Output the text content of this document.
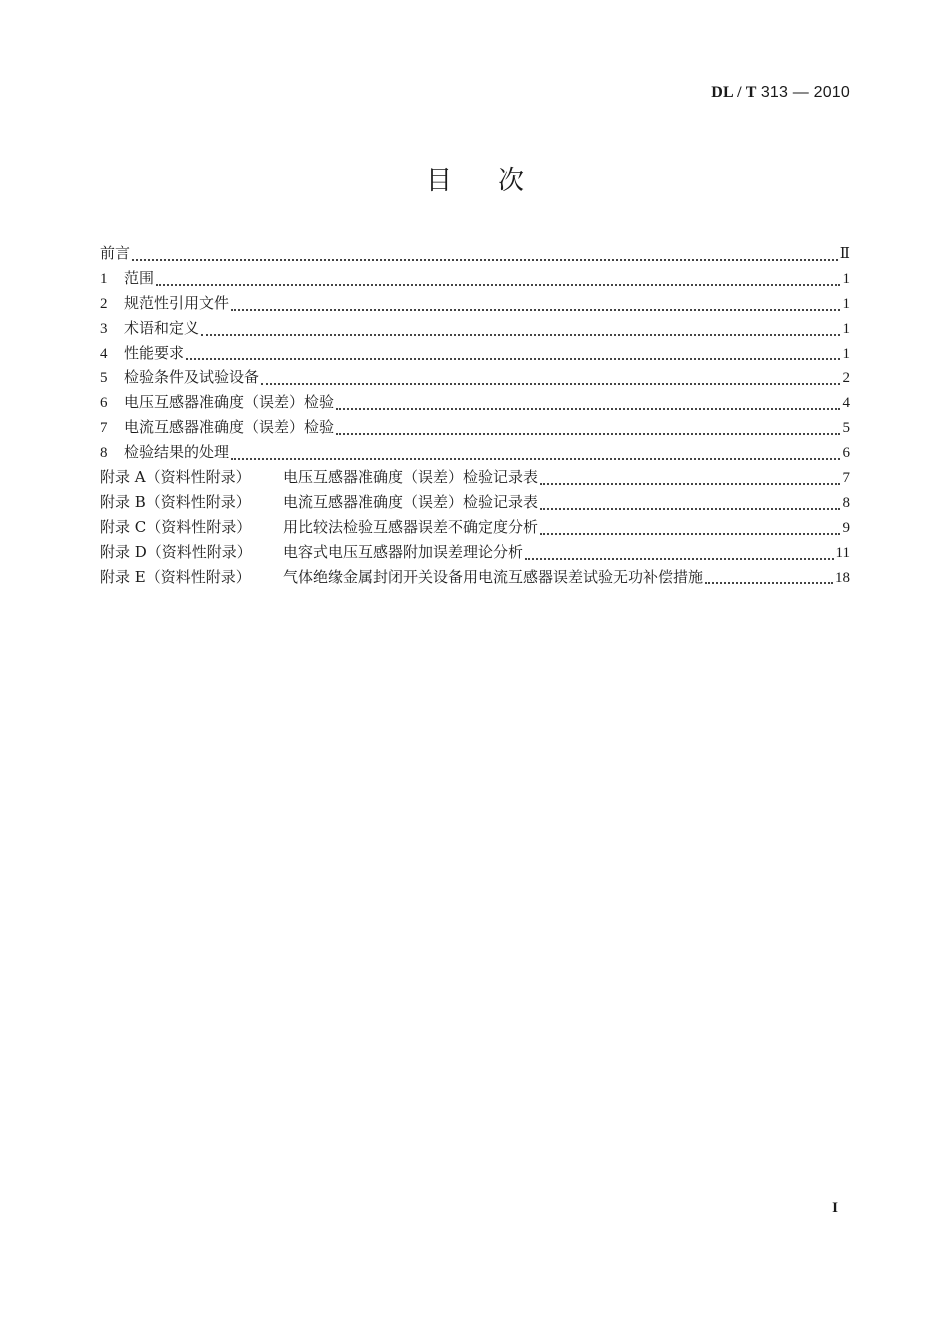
DL / T 313 — 2010
目次
前言	Ⅱ
1	范围	1
2	规范性引用文件	1
3	术语和定义	1
4	性能要求	1
5	检验条件及试验设备	2
6	电压互感器准确度（误差）检验	4
7	电流互感器准确度（误差）检验	5
8	检验结果的处理	6
附录 A（资料性附录）	电压互感器准确度（误差）检验记录表	7
附录 B（资料性附录）	电流互感器准确度（误差）检验记录表	8
附录 C（资料性附录）	用比较法检验互感器误差不确定度分析	9
附录 D（资料性附录）	电容式电压互感器附加误差理论分析	11
附录 E（资料性附录）	气体绝缘金属封闭开关设备用电流互感器误差试验无功补偿措施	18
I
